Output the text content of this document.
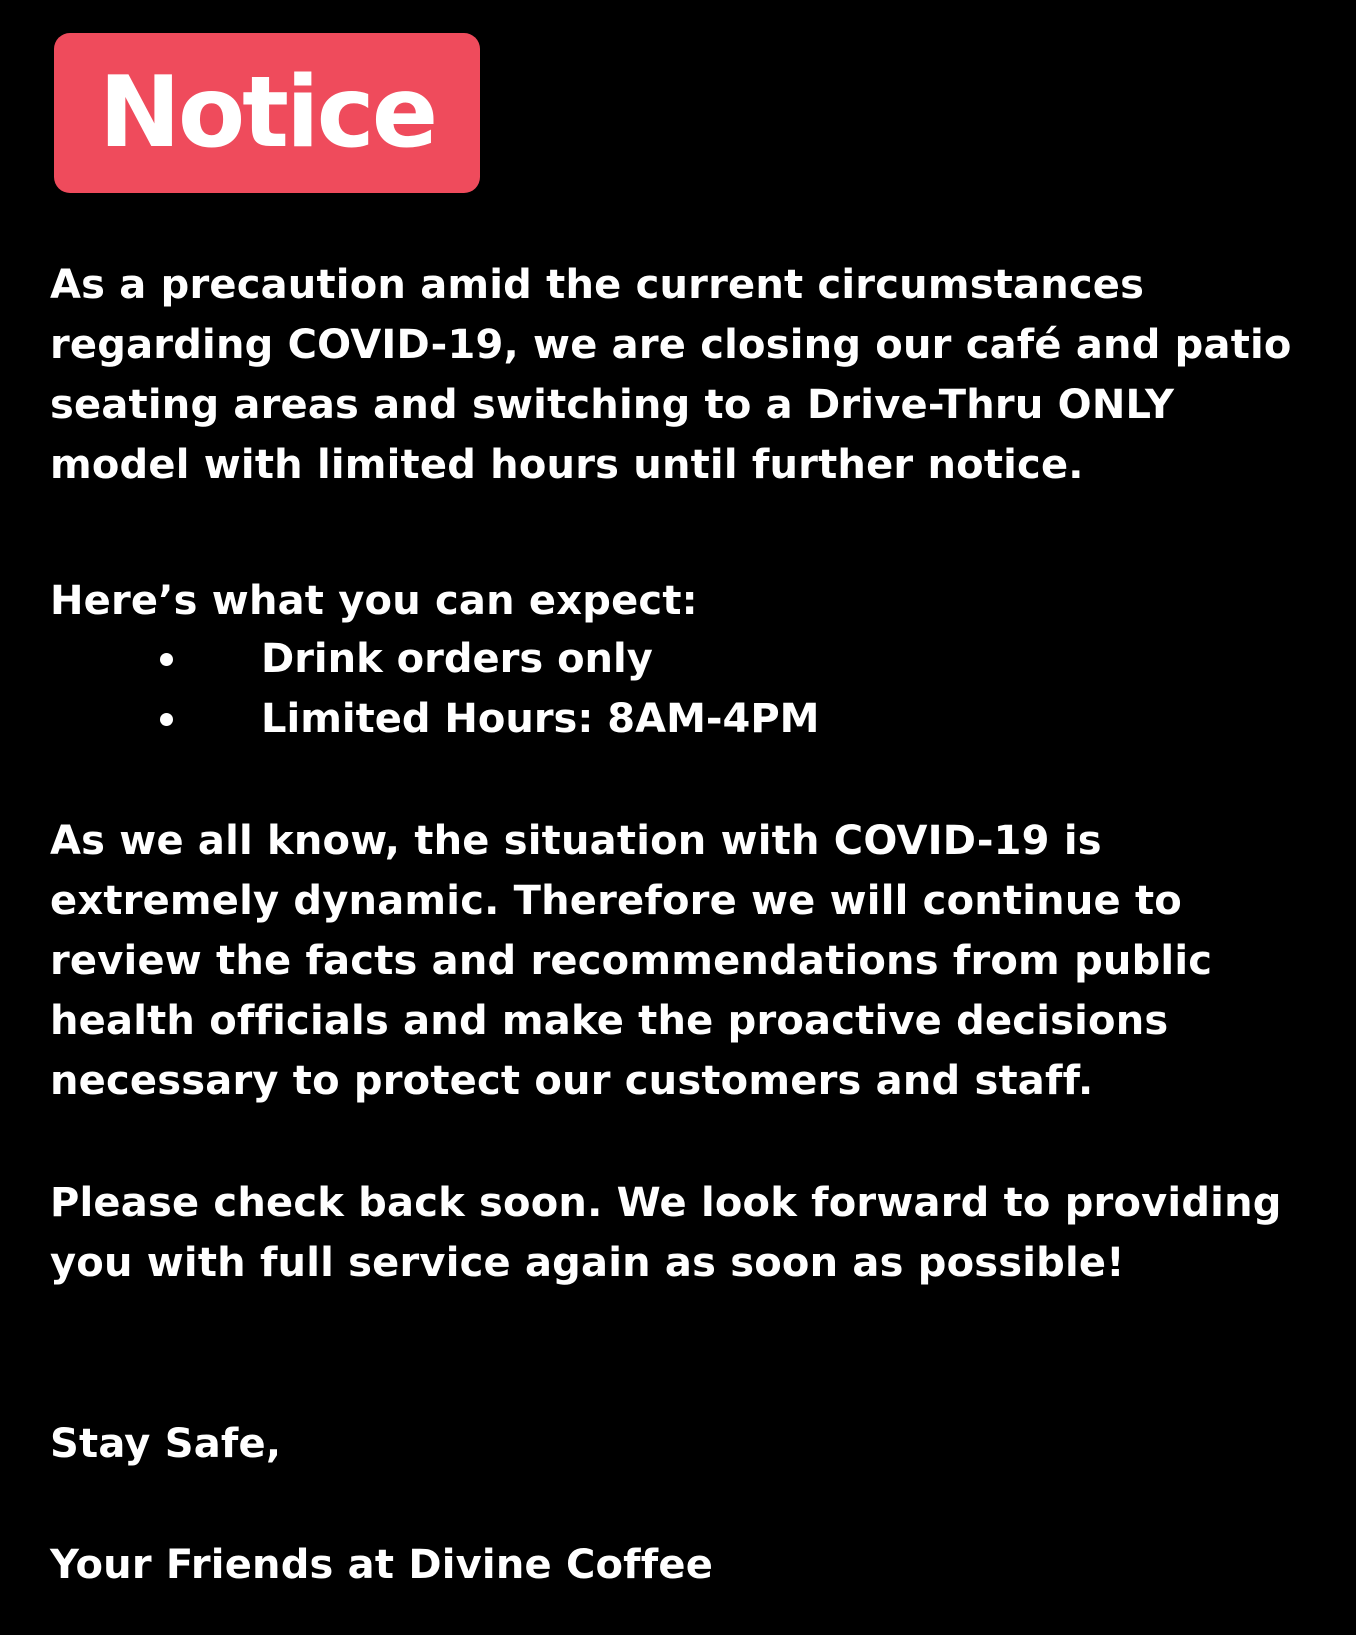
Notice

As a precaution amid the current circumstances
regarding COVID-19, we are closing our café and patio
seating areas and switching to a Drive-Thru ONLY
model with limited hours until further notice.

Here’s what you can expect:

Drink orders only
Limited Hours: 8AM-4PM

As we all know, the situation with COVID-19 is
extremely dynamic. Therefore we will continue to
review the facts and recommendations from public
health officials and make the proactive decisions
necessary to protect our customers and staff.

Please check back soon. We look forward to providing
you with full service again as soon as possible!

Stay Safe,

Your Friends at Divine Coffee
